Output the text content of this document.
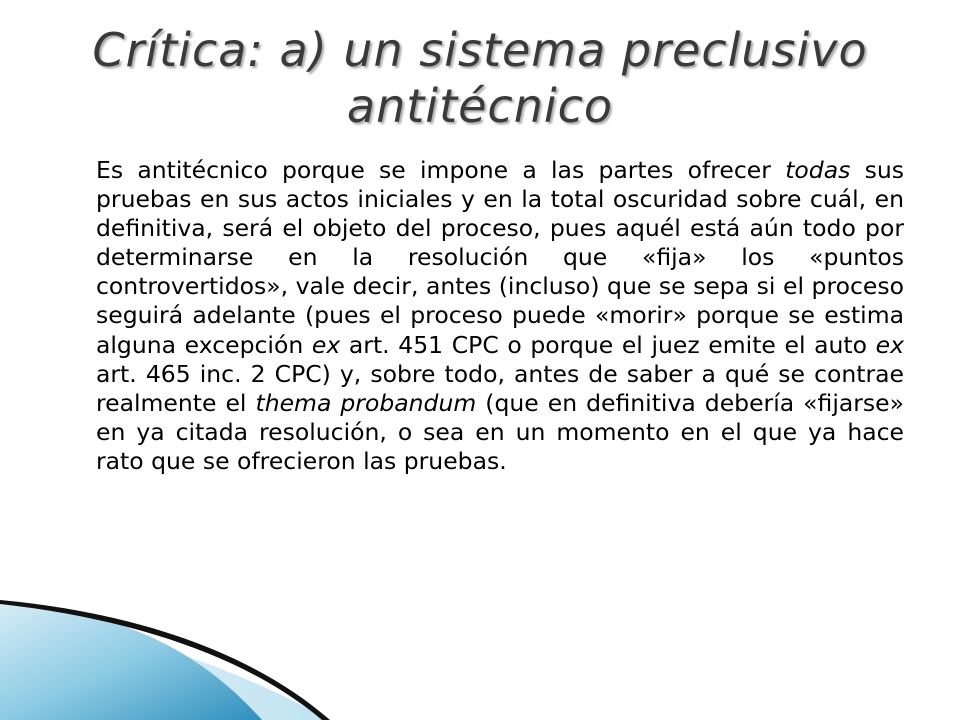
Crítica: a) un sistema preclusivo
antitécnico

Es antitécnico porque se impone a las partes ofrecer todas sus pruebas en sus actos iniciales y en la total oscuridad sobre cuál, en definitiva, será el objeto del proceso, pues aquél está aún todo por determinarse en la resolución que «fija» los «puntos controvertidos», vale decir, antes (incluso) que se sepa si el proceso seguirá adelante (pues el proceso puede «morir» porque se estima alguna excepción ex art. 451 CPC o porque el juez emite el auto ex art. 465 inc. 2 CPC) y, sobre todo, antes de saber a qué se contrae realmente el thema probandum (que en definitiva debería «fijarse» en ya citada resolución, o sea en un momento en el que ya hace rato que se ofrecieron las pruebas.
